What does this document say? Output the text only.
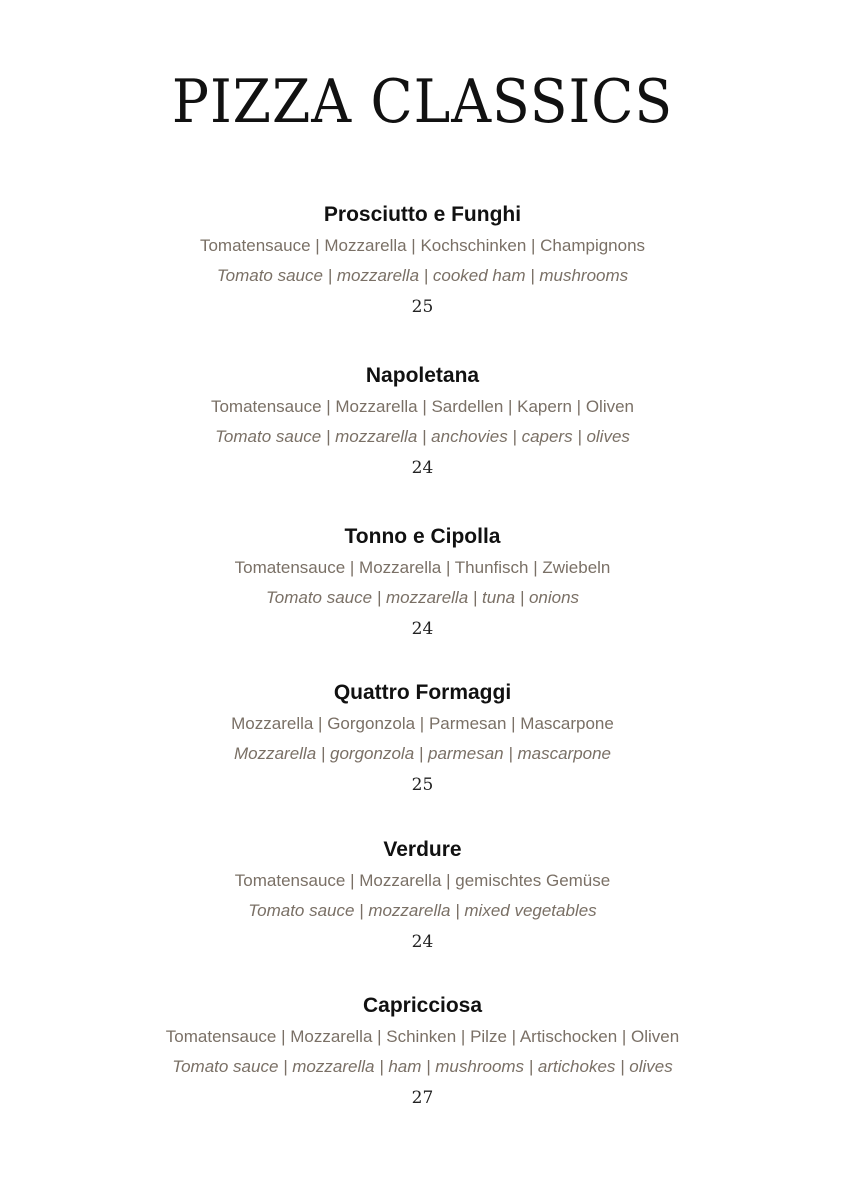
PIZZA CLASSICS
Prosciutto e Funghi
Tomatensauce | Mozzarella | Kochschinken | Champignons
Tomato sauce | mozzarella | cooked ham | mushrooms
25
Napoletana
Tomatensauce | Mozzarella | Sardellen | Kapern | Oliven
Tomato sauce | mozzarella | anchovies | capers | olives
24
Tonno e Cipolla
Tomatensauce | Mozzarella | Thunfisch | Zwiebeln
Tomato sauce | mozzarella | tuna | onions
24
Quattro Formaggi
Mozzarella | Gorgonzola | Parmesan | Mascarpone
Mozzarella | gorgonzola | parmesan | mascarpone
25
Verdure
Tomatensauce | Mozzarella | gemischtes Gemüse
Tomato sauce | mozzarella | mixed vegetables
24
Capricciosa
Tomatensauce | Mozzarella | Schinken | Pilze | Artischocken | Oliven
Tomato sauce | mozzarella | ham | mushrooms | artichokes | olives
27
